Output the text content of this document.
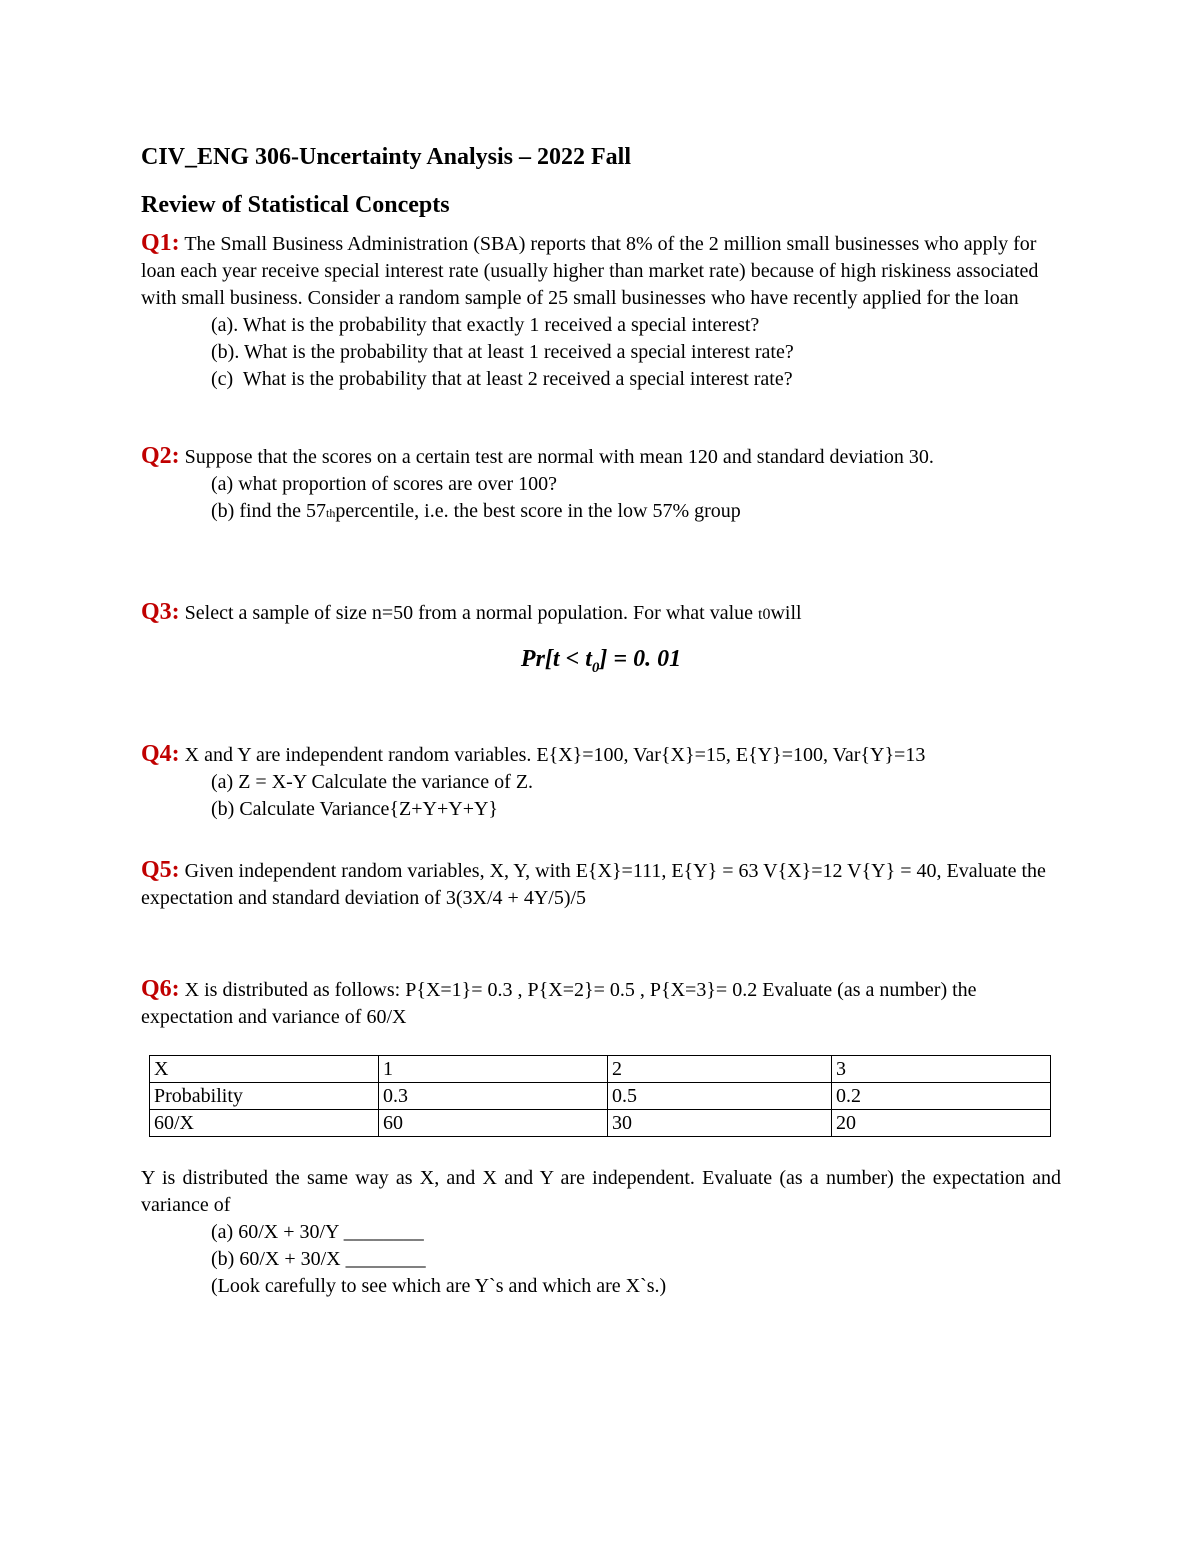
CIV_ENG 306-Uncertainty Analysis – 2022 Fall

Review of Statistical Concepts

Q1: The Small Business Administration (SBA) reports that 8% of the 2 million small businesses who apply for loan each year receive special interest rate (usually higher than market rate) because of high riskiness associated with small business. Consider a random sample of 25 small businesses who have recently applied for the loan

(a). What is the probability that exactly 1 received a special interest?

(b). What is the probability that at least 1 received a special interest rate?

(c)  What is the probability that at least 2 received a special interest rate?

Q2: Suppose that the scores on a certain test are normal with mean 120 and standard deviation 30.

(a) what proportion of scores are over 100?

(b) find the 57thpercentile, i.e. the best score in the low 57% group

Q3: Select a sample of size n=50 from a normal population. For what value t0will

$Pr[t < t_0] = 0$. 01

Q4: X and Y are independent random variables. E{X}=100, Var{X}=15, E{Y}=100, Var{Y}=13

(a) Z = X-Y Calculate the variance of Z.

(b) Calculate Variance{Z+Y+Y+Y}

Q5: Given independent random variables, X, Y, with E{X}=111, E{Y} = 63 V{X}=12 V{Y} = 40, Evaluate the expectation and standard deviation of 3(3X/4 + 4Y/5)/5

Q6: X is distributed as follows: P{X=1}= 0.3 , P{X=2}= 0.5 , P{X=3}= 0.2 Evaluate (as a number) the expectation and variance of 60/X

X	1	2	3
Probability	0.3	0.5	0.2
60/X	60	30	20

Y is distributed the same way as X, and X and Y are independent. Evaluate (as a number) the expectation and variance of

(a) 60/X + 30/Y ________

(b) 60/X + 30/X ________

(Look carefully to see which are Y`s and which are X`s.)
